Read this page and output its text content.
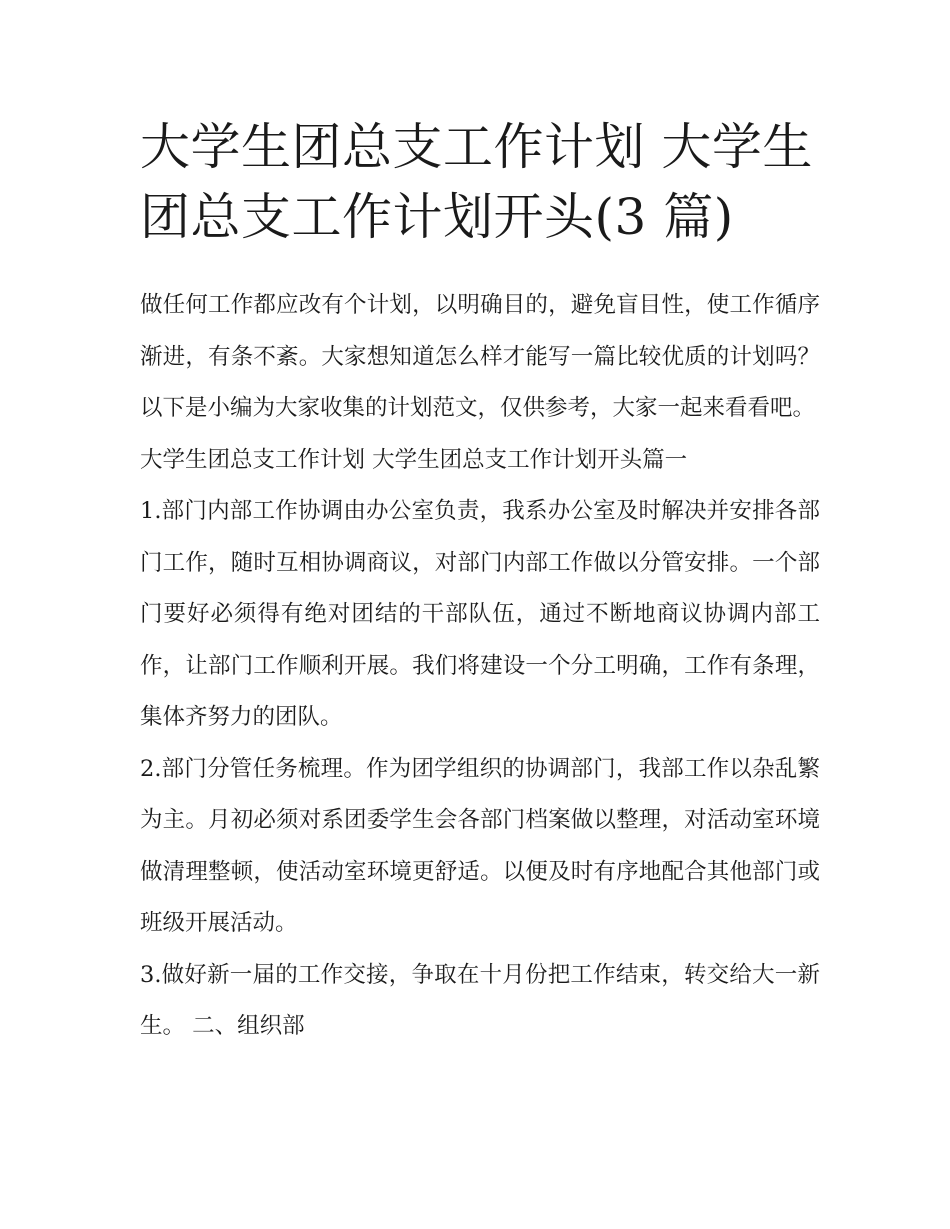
大学生团总支工作计划 大学生团总支工作计划开头(3 篇)

做任何工作都应改有个计划，以明确目的，避免盲目性，使工作循序渐进，有条不紊。大家想知道怎么样才能写一篇比较优质的计划吗？以下是小编为大家收集的计划范文，仅供参考，大家一起来看看吧。

大学生团总支工作计划 大学生团总支工作计划开头篇一

1.部门内部工作协调由办公室负责，我系办公室及时解决并安排各部门工作，随时互相协调商议，对部门内部工作做以分管安排。一个部门要好必须得有绝对团结的干部队伍，通过不断地商议协调内部工作，让部门工作顺利开展。我们将建设一个分工明确，工作有条理，集体齐努力的团队。

2.部门分管任务梳理。作为团学组织的协调部门，我部工作以杂乱繁为主。月初必须对系团委学生会各部门档案做以整理，对活动室环境做清理整顿，使活动室环境更舒适。以便及时有序地配合其他部门或班级开展活动。

3.做好新一届的工作交接，争取在十月份把工作结束，转交给大一新生。 二、组织部
